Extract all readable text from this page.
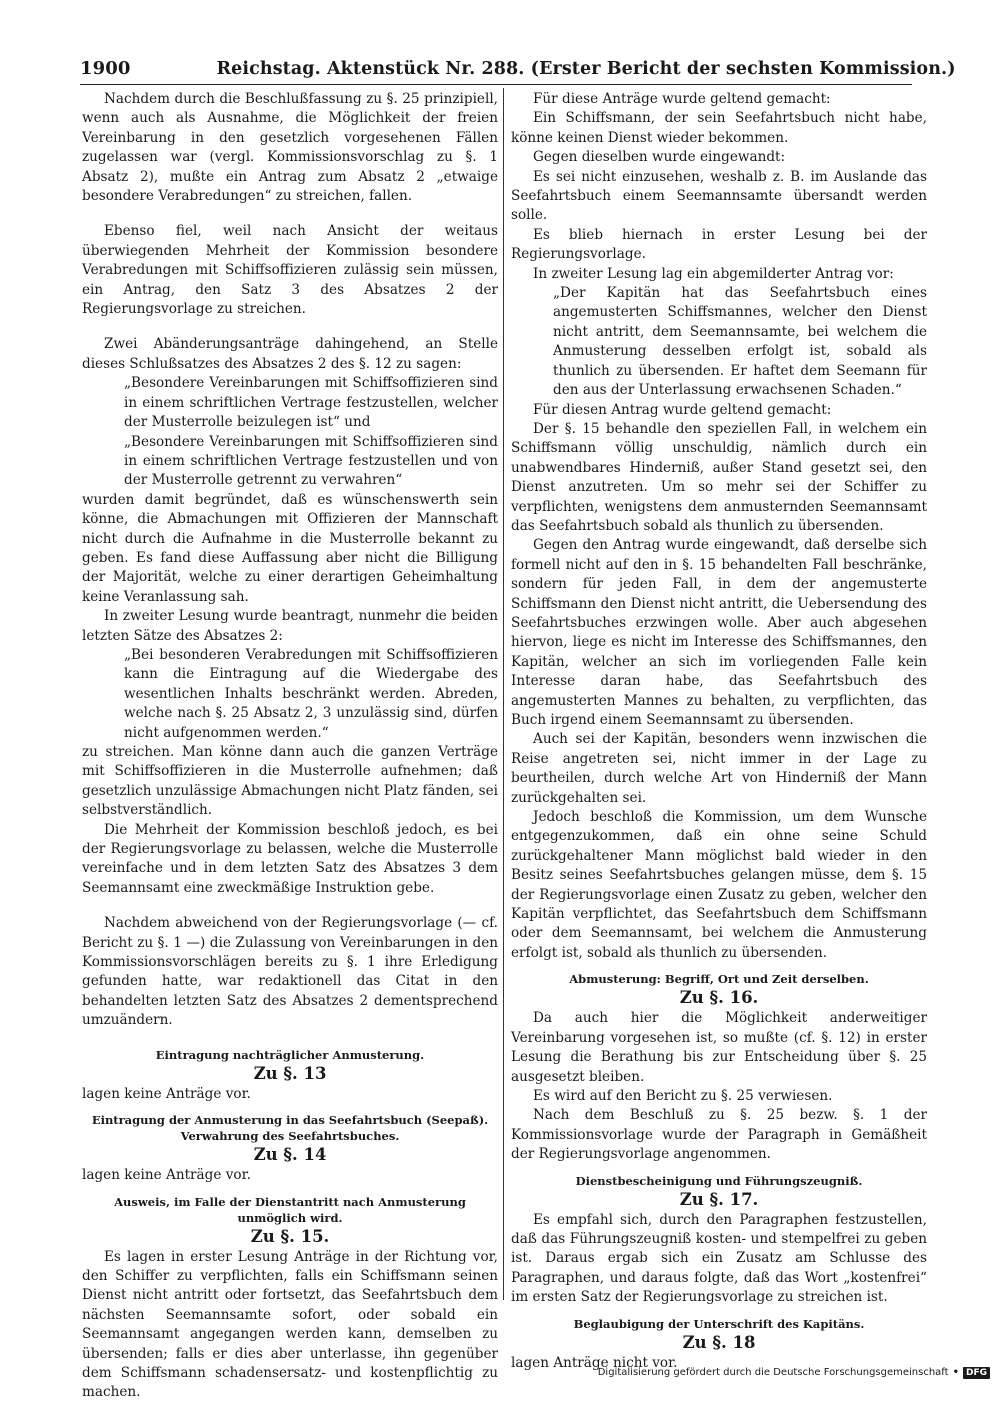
1900	Reichstag. Aktenstück Nr. 288. (Erster Bericht der sechsten Kommission.)

Nachdem durch die Beschlußfassung zu §. 25 prinzipiell, wenn auch als Ausnahme, die Möglichkeit der freien Vereinbarung in den gesetzlich vorgesehenen Fällen zugelassen war (vergl. Kommissionsvorschlag zu §. 1 Absatz 2), mußte ein Antrag zum Absatz 2 „etwaige besondere Verabredungen“ zu streichen, fallen.

Ebenso fiel, weil nach Ansicht der weitaus überwiegenden Mehrheit der Kommission besondere Verabredungen mit Schiffsoffizieren zulässig sein müssen, ein Antrag, den Satz 3 des Absatzes 2 der Regierungsvorlage zu streichen.

Zwei Abänderungsanträge dahingehend, an Stelle dieses Schlußsatzes des Absatzes 2 des §. 12 zu sagen:

„Besondere Vereinbarungen mit Schiffsoffizieren sind in einem schriftlichen Vertrage festzustellen, welcher der Musterrolle beizulegen ist“ und

„Besondere Vereinbarungen mit Schiffsoffizieren sind in einem schriftlichen Vertrage festzustellen und von der Musterrolle getrennt zu verwahren“

wurden damit begründet, daß es wünschenswerth sein könne, die Abmachungen mit Offizieren der Mannschaft nicht durch die Aufnahme in die Musterrolle bekannt zu geben. Es fand diese Auffassung aber nicht die Billigung der Majorität, welche zu einer derartigen Geheimhaltung keine Veranlassung sah.

In zweiter Lesung wurde beantragt, nunmehr die beiden letzten Sätze des Absatzes 2:

„Bei besonderen Verabredungen mit Schiffsoffizieren kann die Eintragung auf die Wiedergabe des wesentlichen Inhalts beschränkt werden. Abreden, welche nach §. 25 Absatz 2, 3 unzulässig sind, dürfen nicht aufgenommen werden.“

zu streichen. Man könne dann auch die ganzen Verträge mit Schiffsoffizieren in die Musterrolle aufnehmen; daß gesetzlich unzulässige Abmachungen nicht Platz fänden, sei selbstverständlich.

Die Mehrheit der Kommission beschloß jedoch, es bei der Regierungsvorlage zu belassen, welche die Musterrolle vereinfache und in dem letzten Satz des Absatzes 3 dem Seemannsamt eine zweckmäßige Instruktion gebe.

Nachdem abweichend von der Regierungsvorlage (— cf. Bericht zu §. 1 —) die Zulassung von Vereinbarungen in den Kommissionsvorschlägen bereits zu §. 1 ihre Erledigung gefunden hatte, war redaktionell das Citat in den behandelten letzten Satz des Absatzes 2 dementsprechend umzuändern.

Eintragung nachträglicher Anmusterung.
Zu §. 13

lagen keine Anträge vor.

Eintragung der Anmusterung in das Seefahrtsbuch (Seepaß). Verwahrung des Seefahrtsbuches.
Zu §. 14

lagen keine Anträge vor.

Ausweis, im Falle der Dienstantritt nach Anmusterung unmöglich wird.
Zu §. 15.

Es lagen in erster Lesung Anträge in der Richtung vor, den Schiffer zu verpflichten, falls ein Schiffsmann seinen Dienst nicht antritt oder fortsetzt, das Seefahrtsbuch dem nächsten Seemannsamte sofort, oder sobald ein Seemannsamt angegangen werden kann, demselben zu übersenden; falls er dies aber unterlasse, ihn gegenüber dem Schiffsmann schadensersatz- und kostenpflichtig zu machen.

Für diese Anträge wurde geltend gemacht:

Ein Schiffsmann, der sein Seefahrtsbuch nicht habe, könne keinen Dienst wieder bekommen.

Gegen dieselben wurde eingewandt:

Es sei nicht einzusehen, weshalb z. B. im Auslande das Seefahrtsbuch einem Seemannsamte übersandt werden solle.

Es blieb hiernach in erster Lesung bei der Regierungsvorlage.

In zweiter Lesung lag ein abgemilderter Antrag vor:

„Der Kapitän hat das Seefahrtsbuch eines angemusterten Schiffsmannes, welcher den Dienst nicht antritt, dem Seemannsamte, bei welchem die Anmusterung desselben erfolgt ist, sobald als thunlich zu übersenden. Er haftet dem Seemann für den aus der Unterlassung erwachsenen Schaden.“

Für diesen Antrag wurde geltend gemacht:

Der §. 15 behandle den speziellen Fall, in welchem ein Schiffsmann völlig unschuldig, nämlich durch ein unabwendbares Hinderniß, außer Stand gesetzt sei, den Dienst anzutreten. Um so mehr sei der Schiffer zu verpflichten, wenigstens dem anmusternden Seemannsamt das Seefahrtsbuch sobald als thunlich zu übersenden.

Gegen den Antrag wurde eingewandt, daß derselbe sich formell nicht auf den in §. 15 behandelten Fall beschränke, sondern für jeden Fall, in dem der angemusterte Schiffsmann den Dienst nicht antritt, die Uebersendung des Seefahrtsbuches erzwingen wolle. Aber auch abgesehen hiervon, liege es nicht im Interesse des Schiffsmannes, den Kapitän, welcher an sich im vorliegenden Falle kein Interesse daran habe, das Seefahrtsbuch des angemusterten Mannes zu behalten, zu verpflichten, das Buch irgend einem Seemannsamt zu übersenden.

Auch sei der Kapitän, besonders wenn inzwischen die Reise angetreten sei, nicht immer in der Lage zu beurtheilen, durch welche Art von Hinderniß der Mann zurückgehalten sei.

Jedoch beschloß die Kommission, um dem Wunsche entgegenzukommen, daß ein ohne seine Schuld zurückgehaltener Mann möglichst bald wieder in den Besitz seines Seefahrtsbuches gelangen müsse, dem §. 15 der Regierungsvorlage einen Zusatz zu geben, welcher den Kapitän verpflichtet, das Seefahrtsbuch dem Schiffsmann oder dem Seemannsamt, bei welchem die Anmusterung erfolgt ist, sobald als thunlich zu übersenden.

Abmusterung: Begriff, Ort und Zeit derselben.
Zu §. 16.

Da auch hier die Möglichkeit anderweitiger Vereinbarung vorgesehen ist, so mußte (cf. §. 12) in erster Lesung die Berathung bis zur Entscheidung über §. 25 ausgesetzt bleiben.

Es wird auf den Bericht zu §. 25 verwiesen.

Nach dem Beschluß zu §. 25 bezw. §. 1 der Kommissionsvorlage wurde der Paragraph in Gemäßheit der Regierungsvorlage angenommen.

Dienstbescheinigung und Führungszeugniß.
Zu §. 17.

Es empfahl sich, durch den Paragraphen festzustellen, daß das Führungszeugniß kosten- und stempelfrei zu geben ist. Daraus ergab sich ein Zusatz am Schlusse des Paragraphen, und daraus folgte, daß das Wort „kostenfrei“ im ersten Satz der Regierungsvorlage zu streichen ist.

Beglaubigung der Unterschrift des Kapitäns.
Zu §. 18

lagen Anträge nicht vor.

Digitalisierung gefördert durch die Deutsche Forschungsgemeinschaft • DFG
